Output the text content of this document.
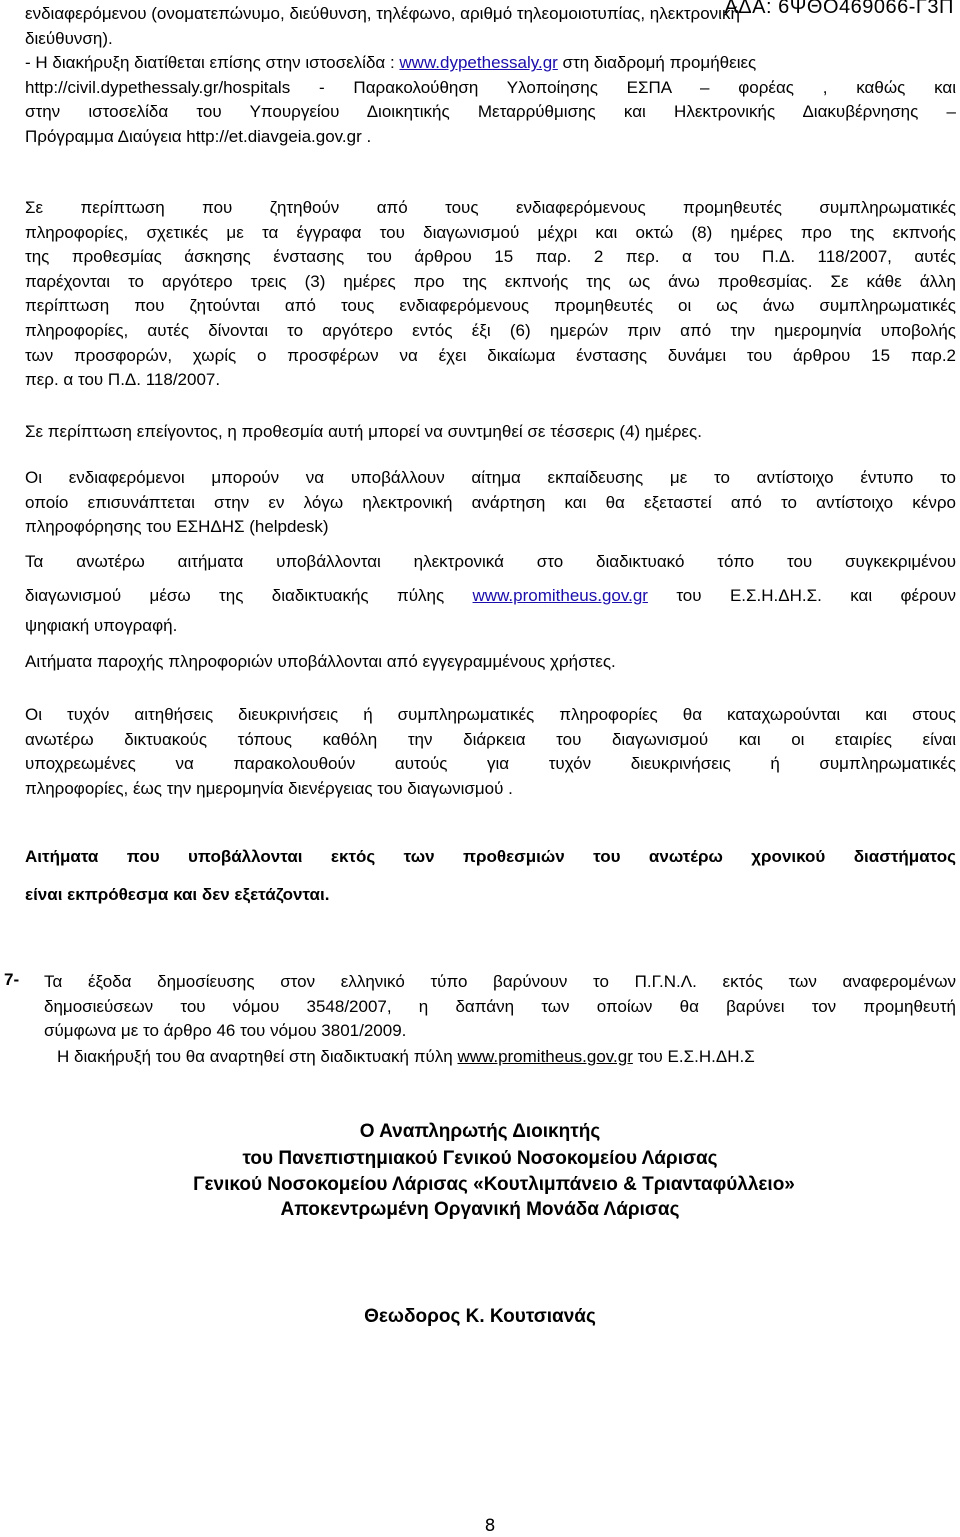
ΑΔΑ: 6ΨΘΟ469066-Γ3Π
ενδιαφερόμενου (ονοματεπώνυμο, διεύθυνση, τηλέφωνο, αριθμό τηλεομοιοτυπίας, ηλεκτρονική
διεύθυνση).
- Η διακήρυξη διατίθεται επίσης στην ιστοσελίδα : www.dypethessaly.gr στη διαδρομή προμήθειες
http://civil.dypethessaly.gr/hospitals - Παρακολούθηση Υλοποίησης ΕΣΠΑ – φορέας , καθώς και
στην ιστοσελίδα του Υπουργείου Διοικητικής Μεταρρύθμισης και Ηλεκτρονικής Διακυβέρνησης –
Πρόγραμμα Διαύγεια http://et.diavgeia.gov.gr .
Σε περίπτωση που ζητηθούν από τους ενδιαφερόμενους προμηθευτές συμπληρωματικές
πληροφορίες, σχετικές με τα έγγραφα του διαγωνισμού μέχρι και οκτώ (8) ημέρες προ της εκπνοής
της προθεσμίας άσκησης ένστασης του άρθρου 15 παρ. 2 περ. α του Π.Δ. 118/2007, αυτές
παρέχονται το αργότερο τρεις (3) ημέρες προ της εκπνοής της ως άνω προθεσμίας. Σε κάθε άλλη
περίπτωση που ζητούνται από τους ενδιαφερόμενους προμηθευτές οι ως άνω συμπληρωματικές
πληροφορίες, αυτές δίνονται το αργότερο εντός έξι (6) ημερών πριν από την ημερομηνία υποβολής
των προσφορών, χωρίς ο προσφέρων να έχει δικαίωμα ένστασης δυνάμει του άρθρου 15 παρ.2
περ. α του Π.Δ. 118/2007.
Σε περίπτωση επείγοντος, η προθεσμία αυτή μπορεί να συντμηθεί σε τέσσερις (4) ημέρες.
Οι ενδιαφερόμενοι μπορούν να υποβάλλουν αίτημα εκπαίδευσης με το αντίστοιχο έντυπο το
οποίο επισυνάπτεται στην εν λόγω ηλεκτρονική ανάρτηση και θα εξεταστεί από το αντίστοιχο κένρο
πληροφόρησης του ΕΣΗΔΗΣ (helpdesk)
Τα ανωτέρω αιτήματα υποβάλλονται ηλεκτρονικά στο διαδικτυακό τόπο του συγκεκριμένου
διαγωνισμού μέσω της διαδικτυακής πύλης www.promitheus.gov.gr του Ε.Σ.Η.ΔΗ.Σ. και φέρουν
ψηφιακή υπογραφή.
Αιτήματα παροχής πληροφοριών υποβάλλονται από εγγεγραμμένους χρήστες.
Οι τυχόν αιτηθήσεις διευκρινήσεις ή συμπληρωματικές πληροφορίες θα καταχωρούνται και στους
ανωτέρω δικτυακούς τόπους καθόλη την διάρκεια του διαγωνισμού και οι εταιρίες είναι
υποχρεωμένες να παρακολουθούν αυτούς για τυχόν διευκρινήσεις ή συμπληρωματικές
πληροφορίες, έως την ημερομηνία διενέργειας του διαγωνισμού .
Αιτήματα που υποβάλλονται εκτός των προθεσμιών του ανωτέρω χρονικού διαστήματος
είναι εκπρόθεσμα και δεν εξετάζονται.
7- Τα έξοδα δημοσίευσης στον ελληνικό τύπο βαρύνουν το Π.Γ.Ν.Λ. εκτός των αναφερομένων
δημοσιεύσεων του νόμου 3548/2007, η δαπάνη των οποίων θα βαρύνει τον προμηθευτή
σύμφωνα με το άρθρο 46 του νόμου 3801/2009.
Η διακήρυξή του θα αναρτηθεί στη διαδικτυακή πύλη www.promitheus.gov.gr του Ε.Σ.Η.ΔΗ.Σ
Ο Αναπληρωτής Διοικητής
του Πανεπιστημιακού Γενικού Νοσοκομείου Λάρισας
Γενικού Νοσοκομείου Λάρισας «Κουτλιμπάνειο & Τριανταφύλλειο»
Αποκεντρωμένη Οργανική Μονάδα Λάρισας
Θεωδορος Κ. Κουτσιανάς
8
